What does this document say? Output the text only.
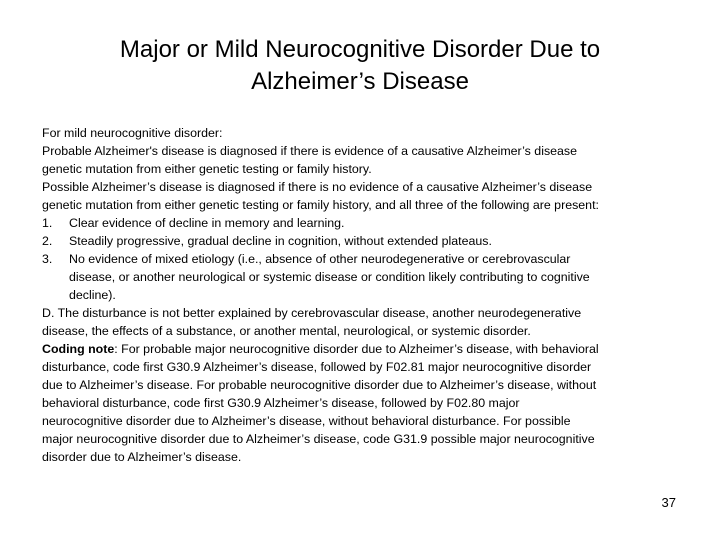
Major or Mild Neurocognitive Disorder Due to
Alzheimer’s Disease
For mild neurocognitive disorder:
Probable Alzheimer's disease is diagnosed if there is evidence of a causative Alzheimer’s disease
genetic mutation from either genetic testing or family history.
Possible Alzheimer’s disease is diagnosed if there is no evidence of a causative Alzheimer’s disease
genetic mutation from either genetic testing or family history, and all three of the following are present:
1.	Clear evidence of decline in memory and learning.
2.	Steadily progressive, gradual decline in cognition, without extended plateaus.
3.	No evidence of mixed etiology (i.e., absence of other neurodegenerative or cerebrovascular
disease, or another neurological or systemic disease or condition likely contributing to cognitive
decline).
D. The disturbance is not better explained by cerebrovascular disease, another neurodegenerative
disease, the effects of a substance, or another mental, neurological, or systemic disorder.
Coding note: For probable major neurocognitive disorder due to Alzheimer’s disease, with behavioral
disturbance, code first G30.9 Alzheimer’s disease, followed by F02.81 major neurocognitive disorder
due to Alzheimer’s disease. For probable neurocognitive disorder due to Alzheimer’s disease, without
behavioral disturbance, code first G30.9 Alzheimer’s disease, followed by F02.80 major
neurocognitive disorder due to Alzheimer’s disease, without behavioral disturbance. For possible
major neurocognitive disorder due to Alzheimer’s disease, code G31.9 possible major neurocognitive
disorder due to Alzheimer’s disease.
37
